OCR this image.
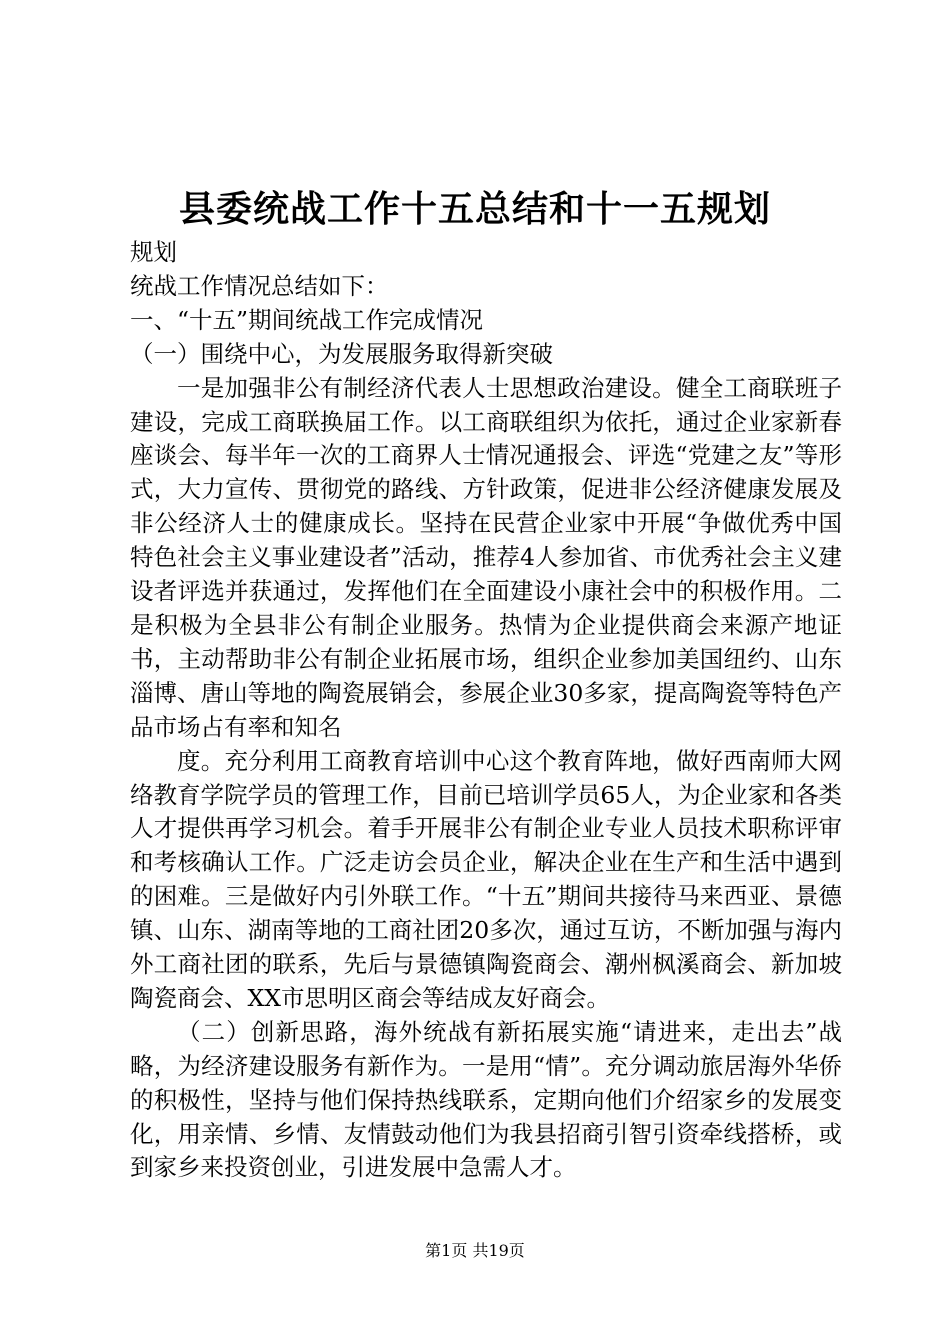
县委统战工作十五总结和十一五规划

规划

统战工作情况总结如下：

一、“十五”期间统战工作完成情况

（一）围绕中心，为发展服务取得新突破

一是加强非公有制经济代表人士思想政治建设。健全工商联班子建设，完成工商联换届工作。以工商联组织为依托，通过企业家新春座谈会、每半年一次的工商界人士情况通报会、评选“党建之友”等形式，大力宣传、贯彻党的路线、方针政策，促进非公经济健康发展及非公经济人士的健康成长。坚持在民营企业家中开展“争做优秀中国特色社会主义事业建设者”活动，推荐4人参加省、市优秀社会主义建设者评选并获通过，发挥他们在全面建设小康社会中的积极作用。二是积极为全县非公有制企业服务。热情为企业提供商会来源产地证书，主动帮助非公有制企业拓展市场，组织企业参加美国纽约、山东淄博、唐山等地的陶瓷展销会，参展企业30多家，提高陶瓷等特色产品市场占有率和知名

度。充分利用工商教育培训中心这个教育阵地，做好西南师大网络教育学院学员的管理工作，目前已培训学员65人，为企业家和各类人才提供再学习机会。着手开展非公有制企业专业人员技术职称评审和考核确认工作。广泛走访会员企业，解决企业在生产和生活中遇到的困难。三是做好内引外联工作。“十五”期间共接待马来西亚、景德镇、山东、湖南等地的工商社团20多次，通过互访，不断加强与海内外工商社团的联系，先后与景德镇陶瓷商会、潮州枫溪商会、新加坡陶瓷商会、XX市思明区商会等结成友好商会。

（二）创新思路，海外统战有新拓展实施“请进来，走出去”战略，为经济建设服务有新作为。一是用“情”。充分调动旅居海外华侨的积极性，坚持与他们保持热线联系，定期向他们介绍家乡的发展变化，用亲情、乡情、友情鼓动他们为我县招商引智引资牵线搭桥，或到家乡来投资创业，引进发展中急需人才。

第1页 共19页
